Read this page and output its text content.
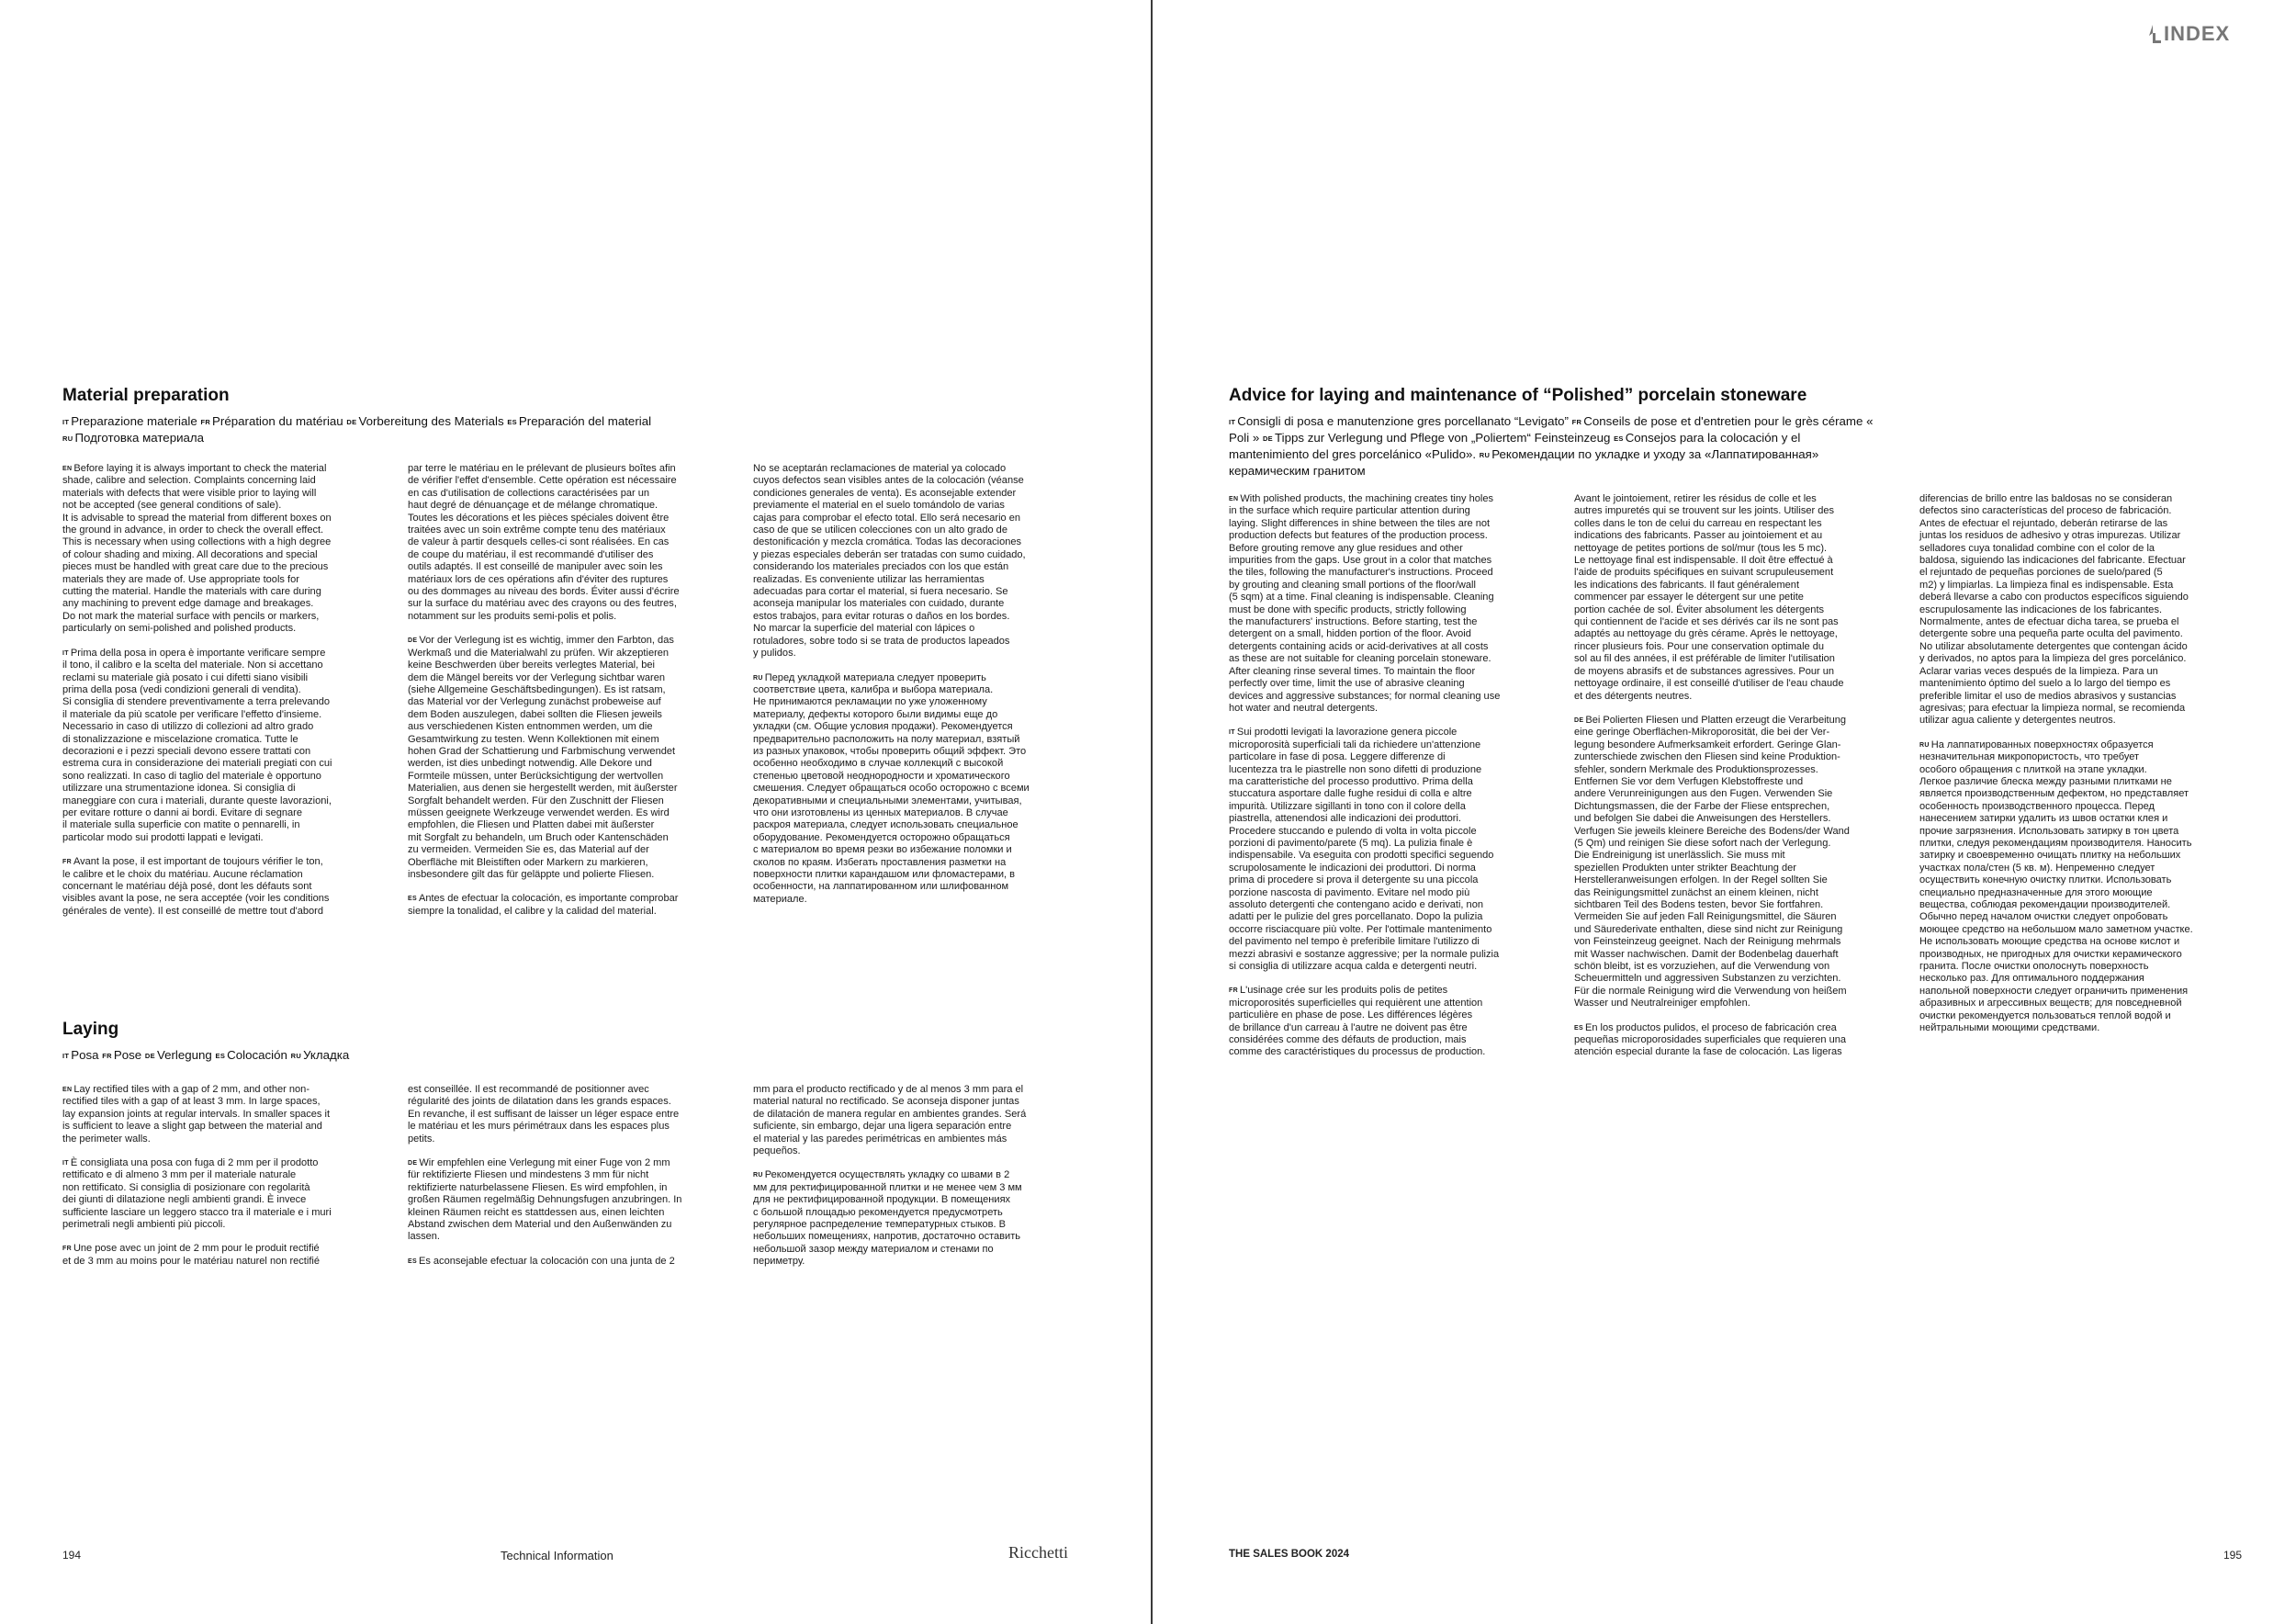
INDEX
Material preparation
IT Preparazione materiale FR Préparation du matériau DE Vorbereitung des Materials ES Preparación del material RU Подготовка материала

EN Before laying it is always important to check the material
shade, calibre and selection. Complaints concerning laid
materials with defects that were visible prior to laying will
not be accepted (see general conditions of sale).
It is advisable to spread the material from different boxes on
the ground in advance, in order to check the overall effect.
This is necessary when using collections with a high degree
of colour shading and mixing. All decorations and special
pieces must be handled with great care due to the precious
materials they are made of. Use appropriate tools for
cutting the material. Handle the materials with care during
any machining to prevent edge damage and breakages.
Do not mark the material surface with pencils or markers,
particularly on semi-polished and polished products.

IT Prima della posa in opera è importante verificare sempre
il tono, il calibro e la scelta del materiale. Non si accettano
reclami su materiale già posato i cui difetti siano visibili
prima della posa (vedi condizioni generali di vendita).
Si consiglia di stendere preventivamente a terra prelevando
il materiale da più scatole per verificare l'effetto d'insieme.
Necessario in caso di utilizzo di collezioni ad altro grado
di stonalizzazione e miscelazione cromatica. Tutte le
decorazioni e i pezzi speciali devono essere trattati con
estrema cura in considerazione dei materiali pregiati con cui
sono realizzati. In caso di taglio del materiale è opportuno
utilizzare una strumentazione idonea. Si consiglia di
maneggiare con cura i materiali, durante queste lavorazioni,
per evitare rotture o danni ai bordi. Evitare di segnare
il materiale sulla superficie con matite o pennarelli, in
particolar modo sui prodotti lappati e levigati.

FR Avant la pose, il est important de toujours vérifier le ton,
le calibre et le choix du matériau. Aucune réclamation
concernant le matériau déjà posé, dont les défauts sont
visibles avant la pose, ne sera acceptée (voir les conditions
générales de vente). Il est conseillé de mettre tout d'abord

par terre le matériau en le prélevant de plusieurs boîtes afin
de vérifier l'effet d'ensemble. Cette opération est nécessaire
en cas d'utilisation de collections caractérisées par un
haut degré de dénuançage et de mélange chromatique.
Toutes les décorations et les pièces spéciales doivent être
traitées avec un soin extrême compte tenu des matériaux
de valeur à partir desquels celles-ci sont réalisées. En cas
de coupe du matériau, il est recommandé d'utiliser des
outils adaptés. Il est conseillé de manipuler avec soin les
matériaux lors de ces opérations afin d'éviter des ruptures
ou des dommages au niveau des bords. Éviter aussi d'écrire
sur la surface du matériau avec des crayons ou des feutres,
notamment sur les produits semi-polis et polis.

DE Vor der Verlegung ist es wichtig, immer den Farbton, das
Werkmaß und die Materialwahl zu prüfen. Wir akzeptieren
keine Beschwerden über bereits verlegtes Material, bei
dem die Mängel bereits vor der Verlegung sichtbar waren
(siehe Allgemeine Geschäftsbedingungen). Es ist ratsam,
das Material vor der Verlegung zunächst probeweise auf
dem Boden auszulegen, dabei sollten die Fliesen jeweils
aus verschiedenen Kisten entnommen werden, um die
Gesamtwirkung zu testen. Wenn Kollektionen mit einem
hohen Grad der Schattierung und Farbmischung verwendet
werden, ist dies unbedingt notwendig. Alle Dekore und
Formteile müssen, unter Berücksichtigung der wertvollen
Materialien, aus denen sie hergestellt werden, mit äußerster
Sorgfalt behandelt werden. Für den Zuschnitt der Fliesen
müssen geeignete Werkzeuge verwendet werden. Es wird
empfohlen, die Fliesen und Platten dabei mit äußerster
mit Sorgfalt zu behandeln, um Bruch oder Kantenschäden
zu vermeiden. Vermeiden Sie es, das Material auf der
Oberfläche mit Bleistiften oder Markern zu markieren,
insbesondere gilt das für geläppte und polierte Fliesen.

ES Antes de efectuar la colocación, es importante comprobar
siempre la tonalidad, el calibre y la calidad del material.

No se aceptarán reclamaciones de material ya colocado
cuyos defectos sean visibles antes de la colocación (véanse
condiciones generales de venta). Es aconsejable extender
previamente el material en el suelo tomándolo de varias
cajas para comprobar el efecto total. Ello será necesario en
caso de que se utilicen colecciones con un alto grado de
destonificación y mezcla cromática. Todas las decoraciones
y piezas especiales deberán ser tratadas con sumo cuidado,
considerando los materiales preciados con los que están
realizadas. Es conveniente utilizar las herramientas
adecuadas para cortar el material, si fuera necesario. Se
aconseja manipular los materiales con cuidado, durante
estos trabajos, para evitar roturas o daños en los bordes.
No marcar la superficie del material con lápices o
rotuladores, sobre todo si se trata de productos lapeados
y pulidos.

RU Перед укладкой материала следует проверить
соответствие цвета, калибра и выбора материала.
Не принимаются рекламации по уже уложенному
материалу, дефекты которого были видимы еще до
укладки (см. Общие условия продажи). Рекомендуется
предварительно расположить на полу материал, взятый
из разных упаковок, чтобы проверить общий эффект. Это
особенно необходимо в случае коллекций с высокой
степенью цветовой неоднородности и хроматического
смешения. Следует обращаться особо осторожно с всеми
декоративными и специальными элементами, учитывая,
что они изготовлены из ценных материалов. В случае
раскроя материала, следует использовать специальное
оборудование. Рекомендуется осторожно обращаться
с материалом во время резки во избежание поломки и
сколов по краям. Избегать проставления разметки на
поверхности плитки карандашом или фломастерами, в
особенности, на лаппатированном или шлифованном
материале.

Laying
IT Posa FR Pose DE Verlegung ES Colocación RU Укладка

EN Lay rectified tiles with a gap of 2 mm, and other non-
rectified tiles with a gap of at least 3 mm. In large spaces,
lay expansion joints at regular intervals. In smaller spaces it
is sufficient to leave a slight gap between the material and
the perimeter walls.

IT È consigliata una posa con fuga di 2 mm per il prodotto
rettificato e di almeno 3 mm per il materiale naturale
non rettificato. Si consiglia di posizionare con regolarità
dei giunti di dilatazione negli ambienti grandi. È invece
sufficiente lasciare un leggero stacco tra il materiale e i muri
perimetrali negli ambienti più piccoli.

FR Une pose avec un joint de 2 mm pour le produit rectifié
et de 3 mm au moins pour le matériau naturel non rectifié

est conseillée. Il est recommandé de positionner avec
régularité des joints de dilatation dans les grands espaces.
En revanche, il est suffisant de laisser un léger espace entre
le matériau et les murs périmétraux dans les espaces plus
petits.

DE Wir empfehlen eine Verlegung mit einer Fuge von 2 mm
für rektifizierte Fliesen und mindestens 3 mm für nicht
rektifizierte naturbelassene Fliesen. Es wird empfohlen, in
großen Räumen regelmäßig Dehnungsfugen anzubringen. In
kleinen Räumen reicht es stattdessen aus, einen leichten
Abstand zwischen dem Material und den Außenwänden zu
lassen.

ES Es aconsejable efectuar la colocación con una junta de 2

mm para el producto rectificado y de al menos 3 mm para el
material natural no rectificado. Se aconseja disponer juntas
de dilatación de manera regular en ambientes grandes. Será
suficiente, sin embargo, dejar una ligera separación entre
el material y las paredes perimétricas en ambientes más
pequeños.

RU Рекомендуется осуществлять укладку со швами в 2
мм для ректифицированной плитки и не менее чем 3 мм
для не ректифицированной продукции. В помещениях
с большой площадью рекомендуется предусмотреть
регулярное распределение температурных стыков. В
небольших помещениях, напротив, достаточно оставить
небольшой зазор между материалом и стенами по
периметру.

Advice for laying and maintenance of “Polished” porcelain stoneware
IT Consigli di posa e manutenzione gres porcellanato “Levigato” FR Conseils de pose et d'entretien pour le grès cérame « Poli » DE Tipps zur Verlegung und Pflege von „Poliertem“ Feinsteinzeug ES Consejos para la colocación y el mantenimiento del gres porcelánico «Pulido». RU Рекомендации по укладке и уходу за «Лаппатированная» керамическим гранитом

EN With polished products, the machining creates tiny holes
in the surface which require particular attention during
laying. Slight differences in shine between the tiles are not
production defects but features of the production process.
Before grouting remove any glue residues and other
impurities from the gaps. Use grout in a color that matches
the tiles, following the manufacturer's instructions. Proceed
by grouting and cleaning small portions of the floor/wall
(5 sqm) at a time. Final cleaning is indispensable. Cleaning
must be done with specific products, strictly following
the manufacturers' instructions. Before starting, test the
detergent on a small, hidden portion of the floor. Avoid
detergents containing acids or acid-derivatives at all costs
as these are not suitable for cleaning porcelain stoneware.
After cleaning rinse several times. To maintain the floor
perfectly over time, limit the use of abrasive cleaning
devices and aggressive substances; for normal cleaning use
hot water and neutral detergents.

IT Sui prodotti levigati la lavorazione genera piccole
microporosità superficiali tali da richiedere un'attenzione
particolare in fase di posa. Leggere differenze di
lucentezza tra le piastrelle non sono difetti di produzione
ma caratteristiche del processo produttivo. Prima della
stuccatura asportare dalle fughe residui di colla e altre
impurità. Utilizzare sigillanti in tono con il colore della
piastrella, attenendosi alle indicazioni dei produttori.
Procedere stuccando e pulendo di volta in volta piccole
porzioni di pavimento/parete (5 mq). La pulizia finale è
indispensabile. Va eseguita con prodotti specifici seguendo
scrupolosamente le indicazioni dei produttori. Di norma
prima di procedere si prova il detergente su una piccola
porzione nascosta di pavimento. Evitare nel modo più
assoluto detergenti che contengano acido e derivati, non
adatti per le pulizie del gres porcellanato. Dopo la pulizia
occorre risciacquare più volte. Per l'ottimale mantenimento
del pavimento nel tempo è preferibile limitare l'utilizzo di
mezzi abrasivi e sostanze aggressive; per la normale pulizia
si consiglia di utilizzare acqua calda e detergenti neutri.

FR L'usinage crée sur les produits polis de petites
microporosités superficielles qui requièrent une attention
particulière en phase de pose. Les différences légères
de brillance d'un carreau à l'autre ne doivent pas être
considérées comme des défauts de production, mais
comme des caractéristiques du processus de production.

Avant le jointoiement, retirer les résidus de colle et les
autres impuretés qui se trouvent sur les joints. Utiliser des
colles dans le ton de celui du carreau en respectant les
indications des fabricants. Passer au jointoiement et au
nettoyage de petites portions de sol/mur (tous les 5 mc).
Le nettoyage final est indispensable. Il doit être effectué à
l'aide de produits spécifiques en suivant scrupuleusement
les indications des fabricants. Il faut généralement
commencer par essayer le détergent sur une petite
portion cachée de sol. Éviter absolument les détergents
qui contiennent de l'acide et ses dérivés car ils ne sont pas
adaptés au nettoyage du grès cérame. Après le nettoyage,
rincer plusieurs fois. Pour une conservation optimale du
sol au fil des années, il est préférable de limiter l'utilisation
de moyens abrasifs et de substances agressives. Pour un
nettoyage ordinaire, il est conseillé d'utiliser de l'eau chaude
et des détergents neutres.

DE Bei Polierten Fliesen und Platten erzeugt die Verarbeitung
eine geringe Oberflächen-Mikroporosität, die bei der Ver-
legung besondere Aufmerksamkeit erfordert. Geringe Glan-
zunterschiede zwischen den Fliesen sind keine Produktion-
sfehler, sondern Merkmale des Produktionsprozesses.
Entfernen Sie vor dem Verfugen Klebstoffreste und
andere Verunreinigungen aus den Fugen. Verwenden Sie
Dichtungsmassen, die der Farbe der Fliese entsprechen,
und befolgen Sie dabei die Anweisungen des Herstellers.
Verfugen Sie jeweils kleinere Bereiche des Bodens/der Wand
(5 Qm) und reinigen Sie diese sofort nach der Verlegung.
Die Endreinigung ist unerlässlich. Sie muss mit
speziellen Produkten unter strikter Beachtung der
Herstelleranweisungen erfolgen. In der Regel sollten Sie
das Reinigungsmittel zunächst an einem kleinen, nicht
sichtbaren Teil des Bodens testen, bevor Sie fortfahren.
Vermeiden Sie auf jeden Fall Reinigungsmittel, die Säuren
und Säurederivate enthalten, diese sind nicht zur Reinigung
von Feinsteinzeug geeignet. Nach der Reinigung mehrmals
mit Wasser nachwischen. Damit der Bodenbelag dauerhaft
schön bleibt, ist es vorzuziehen, auf die Verwendung von
Scheuermitteln und aggressiven Substanzen zu verzichten.
Für die normale Reinigung wird die Verwendung von heißem
Wasser und Neutralreiniger empfohlen.

ES En los productos pulidos, el proceso de fabricación crea
pequeñas microporosidades superficiales que requieren una
atención especial durante la fase de colocación. Las ligeras

diferencias de brillo entre las baldosas no se consideran
defectos sino características del proceso de fabricación.
Antes de efectuar el rejuntado, deberán retirarse de las
juntas los residuos de adhesivo y otras impurezas. Utilizar
selladores cuya tonalidad combine con el color de la
baldosa, siguiendo las indicaciones del fabricante. Efectuar
el rejuntado de pequeñas porciones de suelo/pared (5
m2) y limpiarlas. La limpieza final es indispensable. Esta
deberá llevarse a cabo con productos específicos siguiendo
escrupulosamente las indicaciones de los fabricantes.
Normalmente, antes de efectuar dicha tarea, se prueba el
detergente sobre una pequeña parte oculta del pavimento.
No utilizar absolutamente detergentes que contengan ácido
y derivados, no aptos para la limpieza del gres porcelánico.
Aclarar varias veces después de la limpieza. Para un
mantenimiento óptimo del suelo a lo largo del tiempo es
preferible limitar el uso de medios abrasivos y sustancias
agresivas; para efectuar la limpieza normal, se recomienda
utilizar agua caliente y detergentes neutros.

RU На лаппатированных поверхностях образуется
незначительная микропористость, что требует
особого обращения с плиткой на этапе укладки.
Легкое различие блеска между разными плитками не
является производственным дефектом, но представляет
особенность производственного процесса. Перед
нанесением затирки удалить из швов остатки клея и
прочие загрязнения. Использовать затирку в тон цвета
плитки, следуя рекомендациям производителя. Наносить
затирку и своевременно очищать плитку на небольших
участках пола/стен (5 кв. м). Непременно следует
осуществить конечную очистку плитки. Использовать
специально предназначенные для этого моющие
вещества, соблюдая рекомендации производителей.
Обычно перед началом очистки следует опробовать
моющее средство на небольшом мало заметном участке.
Не использовать моющие средства на основе кислот и
производных, не пригодных для очистки керамического
гранита. После очистки ополоснуть поверхность
несколько раз. Для оптимального поддержания
напольной поверхности следует ограничить применения
абразивных и агрессивных веществ; для повседневной
очистки рекомендуется пользоваться теплой водой и
нейтральными моющими средствами.

194	Technical Information	Ricchetti	THE SALES BOOK 2024	195
